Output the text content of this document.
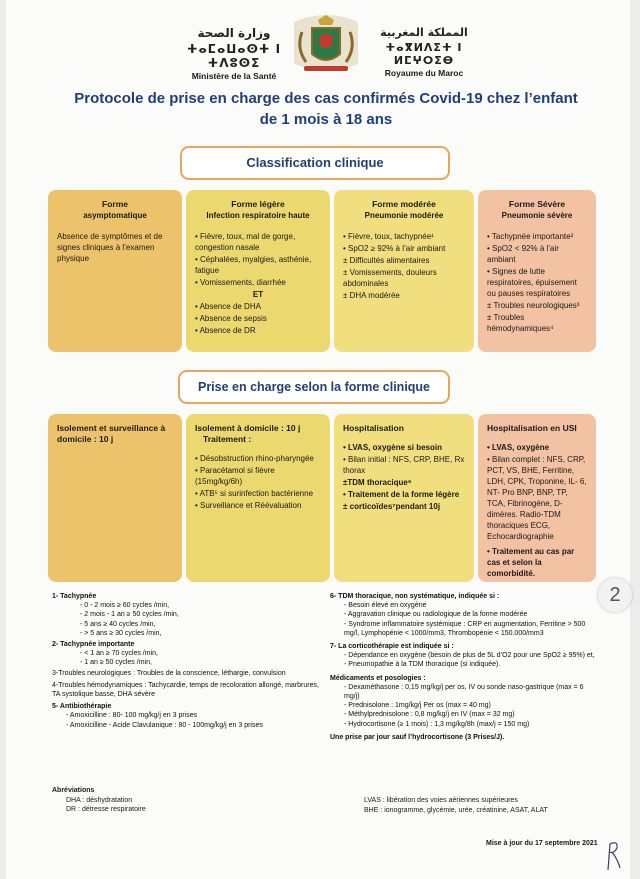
وزارة الصحة
ⵜⴰⵎⴰⵡⴰⵙⵜ ⵏ ⵜⴷⵓⵙⵉ
Ministère de la Santé
المملكة المغربية
ⵜⴰⴳⵍⴷⵉⵜ ⵏ ⵍⵎⵖⵔⵉⴱ
Royaume du Maroc
Protocole de prise en charge des cas confirmés Covid-19 chez l’enfant
de 1 mois à 18 ans
Classification clinique
Forme
asymptomatique
Absence de symptômes et de signes cliniques à l’examen physique
Forme légère
Infection respiratoire haute
• Fièvre, toux, mal de gorge, congestion nasale
• Céphalées, myalgies, asthénie, fatigue
• Vomissements, diarrhée
ET
• Absence de DHA
• Absence de sepsis
• Absence de DR
Forme modérée
Pneumonie modérée
• Fièvre, toux, tachypnée¹
• SpO2 ≥ 92% à l’air ambiant
± Difficultés alimentaires
± Vomissements, douleurs abdominales
± DHA modérée
Forme Sévère
Pneumonie sévère
• Tachypnée importante²
• SpO2 < 92% à l’air ambiant
• Signes de lutte respiratoires, épuisement ou pauses respiratoires
± Troubles neurologiques³
± Troubles hémodynamiques⁴
Prise en charge selon la forme clinique
Isolement et surveillance à domicile : 10 j
Isolement à domicile : 10 j
Traitement :
• Désobstruction rhino-pharyngée
• Paracétamol si fièvre (15mg/kg/6h)
• ATB⁵ si surinfection bactérienne
• Surveillance et Réévaluation
Hospitalisation
• LVAS, oxygène si besoin
• Bilan initial : NFS, CRP, BHE, Rx thorax
±TDM thoracique⁶
• Traitement de la forme légère
± corticoïdes⁷pendant 10j
Hospitalisation en USI
• LVAS, oxygène
• Bilan complet : NFS, CRP, PCT, VS, BHE, Ferritine, LDH, CPK, Troponine, IL- 6, NT- Pro BNP, BNP, TP, TCA, Fibrinogène, D-dimères. Radio-TDM thoraciques ECG, Echocardiographie
• Traitement au cas par cas et selon la comorbidité.
1- Tachypnée
- 0 - 2 mois ≥ 60 cycles /min,
- 2 mois - 1 an ≥ 50 cycles /min,
- 5 ans ≥ 40 cycles /min,
- > 5 ans ≥ 30 cycles /min,
2- Tachypnée importante
- < 1 an ≥ 70 cycles /min,
- 1 an ≥ 50 cycles /min,
3-Troubles neurologiques : Troubles de la conscience, léthargie, convulsion
4-Troubles hémodynamiques : Tachycardie, temps de recoloration allongé, marbrures, TA systolique basse, DHA sévère
5- Antibiothérapie
- Amoxicilline : 80- 100 mg/kg/j en 3 prises
- Amoxicilline - Acide Clavulanique : 80 - 100mg/kg/j en 3 prises
6- TDM thoracique, non systématique, indiquée si :
- Besoin élevé en oxygène
- Aggravation clinique ou radiologique de la forme modérée
- Syndrome inflammatoire systémique : CRP en augmentation, Ferritine > 500 mg/l, Lymphopénie < 1000/mm3, Thrombopénie < 150.000/mm3
7- La corticothérapie est indiquée si :
- Dépendance en oxygène (besoin de plus de 5L d’O2 pour une SpO2 ≥ 95%) et,
- Pneumopathie à la TDM thoracique (si indiquée).
Médicaments et posologies :
- Dexaméthasone : 0,15 mg/kg/j per os, IV ou sonde naso-gastrique (max = 6 mg/j)
- Prednisolone : 1mg/kg/j Per os (max = 40 mg)
- Méthylprednisolone : 0,8 mg/kg/j en IV (max = 32 mg)
- Hydrocortisone (≥ 1 mois) : 1,3 mg/kg/8h (max/j = 150 mg)
Une prise par jour sauf l’hydrocortisone (3 Prises/J).
2
Abréviations
DHA : déshydratation
DR : détresse respiratoire
LVAS : libération des voies aériennes supérieures
BHE : ionogramme, glycémie, urée, créatinine, ASAT, ALAT
Mise à jour du 17 septembre 2021
